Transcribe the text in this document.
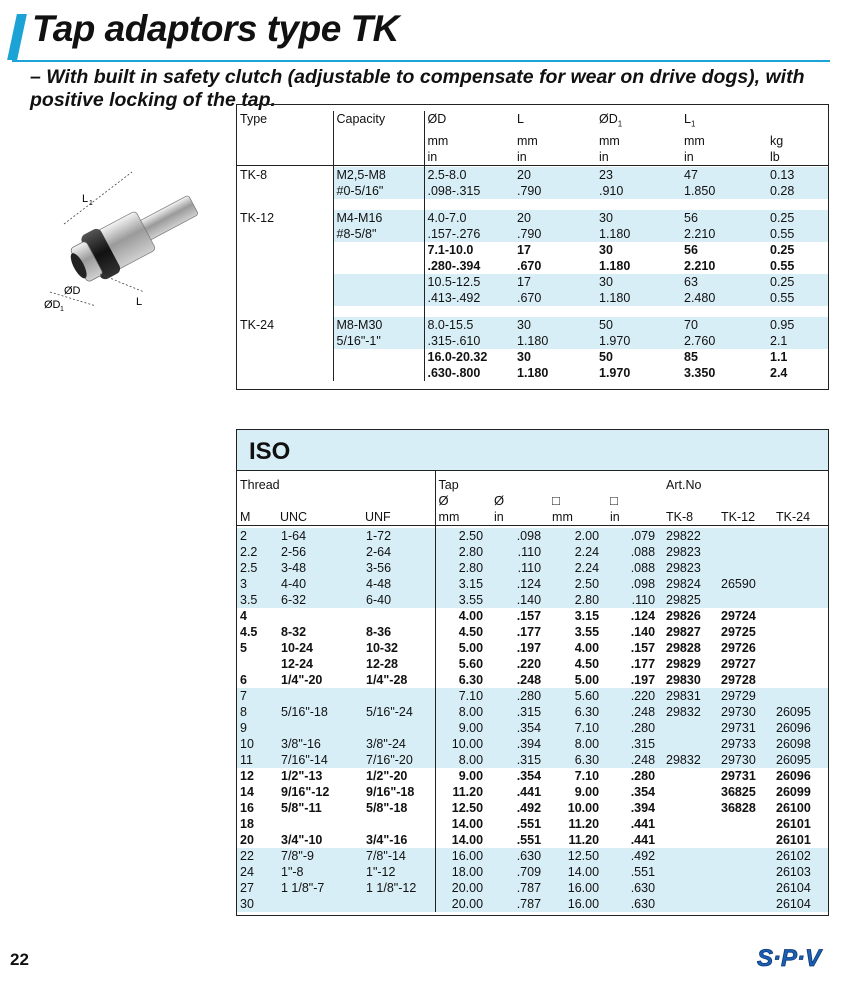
Tap adaptors type TK

– With built in safety clutch (adjustable to compensate for wear on drive dogs), with positive locking of the tap.

L 1
ØD
ØD 1
L

Type	Capacity	ØD	L	$ØD_1$	$L_1$	
		mm	mm	mm	mm	kg
		in	in	in	in	lb

TK-8	M2,5-M8	2.5-8.0	20	23	47	0.13
	#0-5/16"	.098-.315	.790	.910	1.850	0.28

TK-12	M4-M16	4.0-7.0	20	30	56	0.25
	#8-5/8"	.157-.276	.790	1.180	2.210	0.55
		7.1-10.0	17	30	56	0.25
		.280-.394	.670	1.180	2.210	0.55
		10.5-12.5	17	30	63	0.25
		.413-.492	.670	1.180	2.480	0.55

TK-24	M8-M30	8.0-15.5	30	50	70	0.95
	5/16"-1"	.315-.610	1.180	1.970	2.760	2.1
		16.0-20.32	30	50	85	1.1
		.630-.800	1.180	1.970	3.350	2.4
ISO

Thread			Tap				Art.No		
			Ø	Ø	□	□			
M	UNC	UNF	mm	in	mm	in	TK-8	TK-12	TK-24

2	1-64	1-72	2.50	.098	2.00	.079	29822		
2.2	2-56	2-64	2.80	.110	2.24	.088	29823		
2.5	3-48	3-56	2.80	.110	2.24	.088	29823		
3	4-40	4-48	3.15	.124	2.50	.098	29824	26590	
3.5	6-32	6-40	3.55	.140	2.80	.110	29825		
4			4.00	.157	3.15	.124	29826	29724	
4.5	8-32	8-36	4.50	.177	3.55	.140	29827	29725	
5	10-24	10-32	5.00	.197	4.00	.157	29828	29726	
	12-24	12-28	5.60	.220	4.50	.177	29829	29727	
6	1/4"-20	1/4"-28	6.30	.248	5.00	.197	29830	29728	
7			7.10	.280	5.60	.220	29831	29729	
8	5/16"-18	5/16"-24	8.00	.315	6.30	.248	29832	29730	26095
9			9.00	.354	7.10	.280		29731	26096
10	3/8"-16	3/8"-24	10.00	.394	8.00	.315		29733	26098
11	7/16"-14	7/16"-20	8.00	.315	6.30	.248	29832	29730	26095
12	1/2"-13	1/2"-20	9.00	.354	7.10	.280		29731	26096
14	9/16"-12	9/16"-18	11.20	.441	9.00	.354		36825	26099
16	5/8"-11	5/8"-18	12.50	.492	10.00	.394		36828	26100
18			14.00	.551	11.20	.441			26101
20	3/4"-10	3/4"-16	14.00	.551	11.20	.441			26101
22	7/8"-9	7/8"-14	16.00	.630	12.50	.492			26102
24	1"-8	1"-12	18.00	.709	14.00	.551			26103
27	1 1/8"-7	1 1/8"-12	20.00	.787	16.00	.630			26104
30			20.00	.787	16.00	.630			26104
22	S·P·V
